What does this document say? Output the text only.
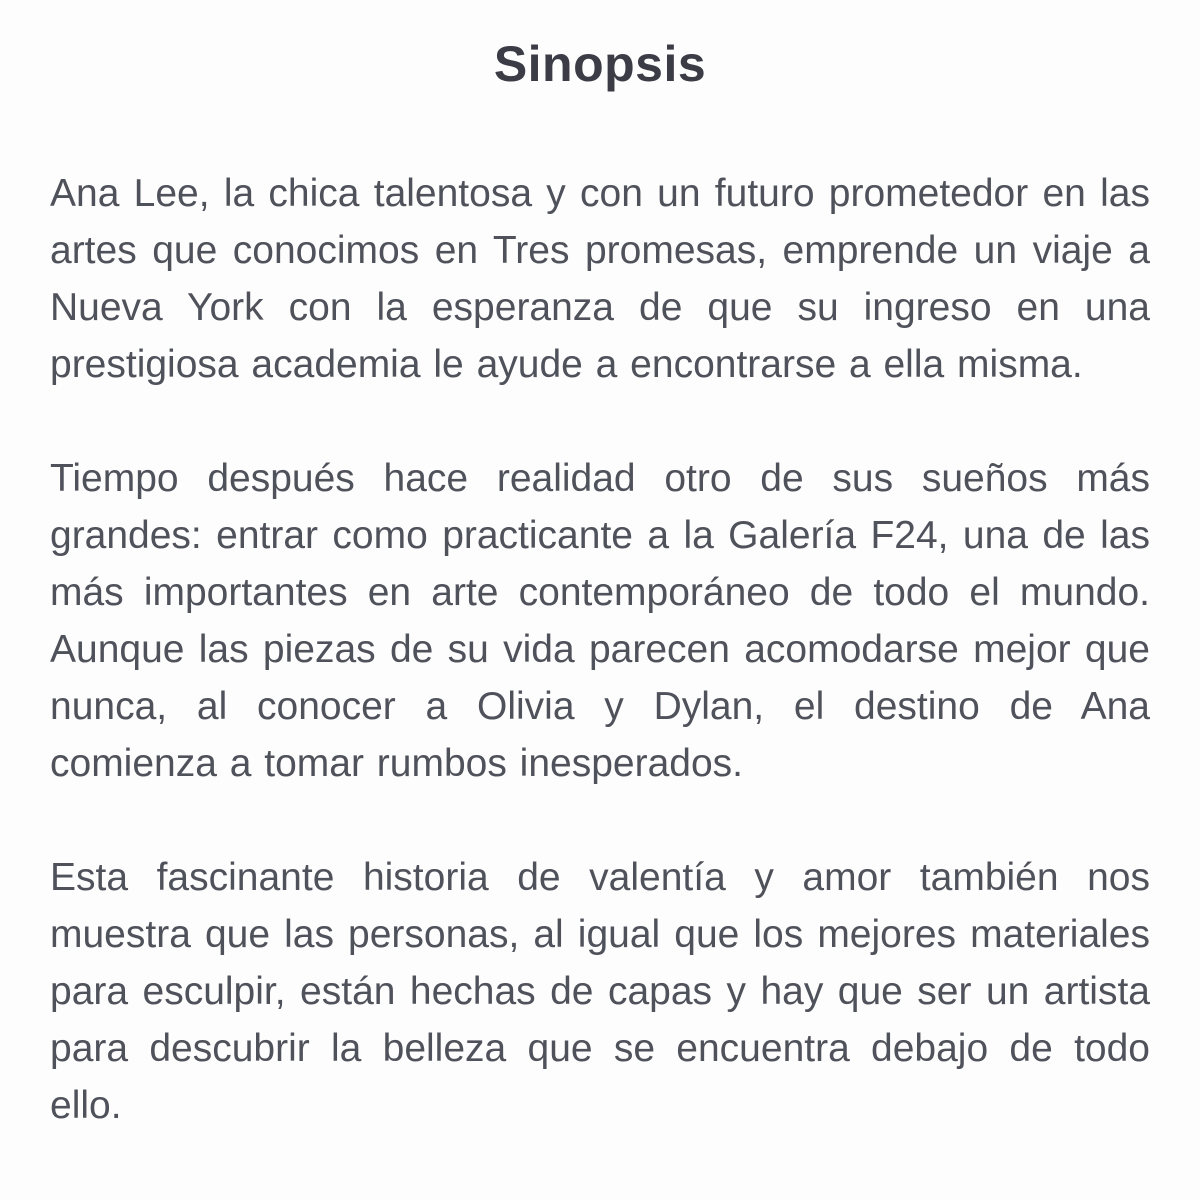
Sinopsis

Ana Lee, la chica talentosa y con un futuro prometedor en las artes que conocimos en Tres promesas, emprende un viaje a Nueva York con la esperanza de que su ingreso en una prestigiosa academia le ayude a encontrarse a ella misma.

Tiempo después hace realidad otro de sus sueños más grandes: entrar como practicante a la Galería F24, una de las más importantes en arte contemporáneo de todo el mundo. Aunque las piezas de su vida parecen acomodarse mejor que nunca, al conocer a Olivia y Dylan, el destino de Ana comienza a tomar rumbos inesperados.

Esta fascinante historia de valentía y amor también nos muestra que las personas, al igual que los mejores materiales para esculpir, están hechas de capas y hay que ser un artista para descubrir la belleza que se encuentra debajo de todo ello.
